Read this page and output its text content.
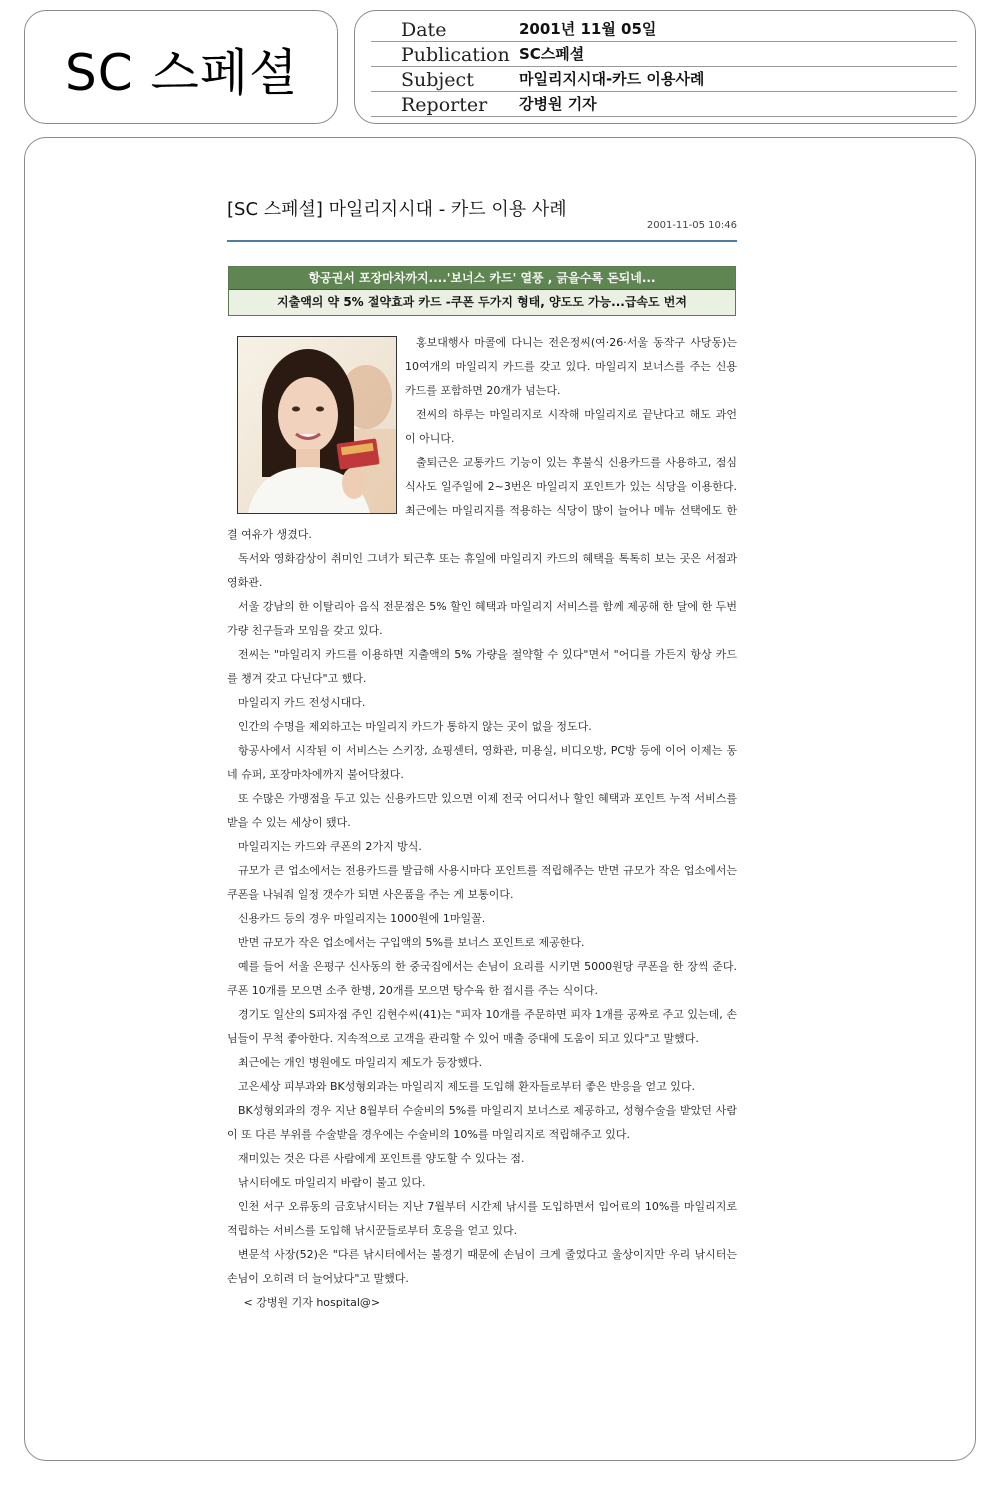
SC 스페셜
Date	2001년 11월 05일
Publication SC스페셜
Subject	마일리지시대-카드 이용사례
Reporter 강병원 기자
[SC 스페셜] 마일리지시대 - 카드 이용 사례
2001-11-05 10:46
항공권서 포장마차까지....'보너스 카드' 열풍 , 긁을수록 돈되네...
지출액의 약 5% 절약효과 카드 -쿠폰 두가지 형태, 양도도 가능...급속도 번져

홍보대행사 마콜에 다니는 전은정씨(여·26·서울 동작구 사당동)는 10여개의 마일리지 카드를 갖고 있다. 마일리지 보너스를 주는 신용카드를 포함하면 20개가 넘는다.

전씨의 하루는 마일리지로 시작해 마일리지로 끝난다고 해도 과언이 아니다.

출퇴근은 교통카드 기능이 있는 후불식 신용카드를 사용하고, 점심식사도 일주일에 2~3번은 마일리지 포인트가 있는 식당을 이용한다. 최근에는 마일리지를 적용하는 식당이 많이 늘어나 메뉴 선택에도 한결 여유가 생겼다.

독서와 영화감상이 취미인 그녀가 퇴근후 또는 휴일에 마일리지 카드의 혜택을 톡톡히 보는 곳은 서점과 영화관.

서울 강남의 한 이탈리아 음식 전문점은 5% 할인 혜택과 마일리지 서비스를 함께 제공해 한 달에 한 두번 가량 친구들과 모임을 갖고 있다.

전씨는 "마일리지 카드를 이용하면 지출액의 5% 가량을 절약할 수 있다"면서 "어디를 가든지 항상 카드를 챙겨 갖고 다닌다"고 했다.

마일리지 카드 전성시대다.

인간의 수명을 제외하고는 마일리지 카드가 통하지 않는 곳이 없을 정도다.

항공사에서 시작된 이 서비스는 스키장, 쇼핑센터, 영화관, 미용실, 비디오방, PC방 등에 이어 이제는 동네 슈퍼, 포장마차에까지 불어닥쳤다.

또 수많은 가맹점을 두고 있는 신용카드만 있으면 이제 전국 어디서나 할인 혜택과 포인트 누적 서비스를 받을 수 있는 세상이 됐다.

마일리지는 카드와 쿠폰의 2가지 방식.

규모가 큰 업소에서는 전용카드를 발급해 사용시마다 포인트를 적립해주는 반면 규모가 작은 업소에서는 쿠폰을 나눠줘 일정 갯수가 되면 사은품을 주는 게 보통이다.

신용카드 등의 경우 마일리지는 1000원에 1마일꼴.

반면 규모가 작은 업소에서는 구입액의 5%를 보너스 포인트로 제공한다.

예를 들어 서울 은평구 신사동의 한 중국집에서는 손님이 요리를 시키면 5000원당 쿠폰을 한 장씩 준다. 쿠폰 10개를 모으면 소주 한병, 20개를 모으면 탕수육 한 접시를 주는 식이다.

경기도 일산의 S피자점 주인 김현수씨(41)는 "피자 10개를 주문하면 피자 1개를 공짜로 주고 있는데, 손님들이 무척 좋아한다. 지속적으로 고객을 관리할 수 있어 매출 증대에 도움이 되고 있다"고 말했다.

최근에는 개인 병원에도 마일리지 제도가 등장했다.

고은세상 피부과와 BK성형외과는 마일리지 제도를 도입해 환자들로부터 좋은 반응을 얻고 있다.

BK성형외과의 경우 지난 8월부터 수술비의 5%를 마일리지 보너스로 제공하고, 성형수술을 받았던 사람이 또 다른 부위를 수술받을 경우에는 수술비의 10%를 마일리지로 적립해주고 있다.

재미있는 것은 다른 사람에게 포인트를 양도할 수 있다는 점.

낚시터에도 마일리지 바람이 불고 있다.

인천 서구 오류동의 금호낚시터는 지난 7월부터 시간제 낚시를 도입하면서 입어료의 10%를 마일리지로 적립하는 서비스를 도입해 낚시꾼들로부터 호응을 얻고 있다.

변문석 사장(52)은 "다른 낚시터에서는 불경기 때문에 손님이 크게 줄었다고 울상이지만 우리 낚시터는 손님이 오히려 더 늘어났다"고 말했다.

< 강병원 기자 hospital@>
